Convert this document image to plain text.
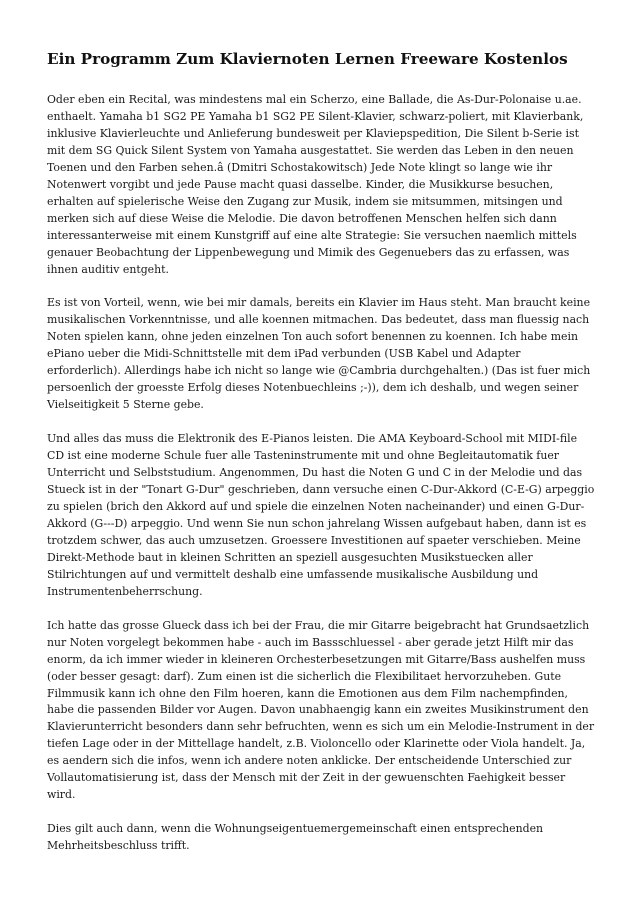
Ein Programm Zum Klaviernoten Lernen Freeware Kostenlos

Oder eben ein Recital, was mindestens mal ein Scherzo, eine Ballade, die As-Dur-Polonaise u.ae. enthaelt. Yamaha b1 SG2 PE Yamaha b1 SG2 PE Silent-Klavier, schwarz-poliert, mit Klavierbank, inklusive Klavierleuchte und Anlieferung bundesweit per Klaviерspedition, Die Silent b-Serie ist mit dem SG Quick Silent System von Yamaha ausgestattet. Sie werden das Leben in den neuen Toenen und den Farben sehen.â (Dmitri Schostakowitsch) Jede Note klingt so lange wie ihr Notenwert vorgibt und jede Pause macht quasi dasselbe. Kinder, die Musikkurse besuchen, erhalten auf spielerische Weise den Zugang zur Musik, indem sie mitsummen, mitsingen und merken sich auf diese Weise die Melodie. Die davon betroffenen Menschen helfen sich dann interessanterweise mit einem Kunstgriff auf eine alte Strategie: Sie versuchen naemlich mittels genauer Beobachtung der Lippenbewegung und Mimik des Gegenuebers das zu erfassen, was ihnen auditiv entgeht.

Es ist von Vorteil, wenn, wie bei mir damals, bereits ein Klavier im Haus steht. Man braucht keine musikalischen Vorkenntnisse, und alle koennen mitmachen. Das bedeutet, dass man fluessig nach Noten spielen kann, ohne jeden einzelnen Ton auch sofort benennen zu koennen. Ich habe mein ePiano ueber die Midi-Schnittstelle mit dem iPad verbunden (USB Kabel und Adapter erforderlich). Allerdings habe ich nicht so lange wie @Cambria durchgehalten.) (Das ist fuer mich persoenlich der groesste Erfolg dieses Notenbuechleins ;-)), dem ich deshalb, und wegen seiner Vielseitigkeit 5 Sterne gebe.

Und alles das muss die Elektronik des E-Pianos leisten. Die AMA Keyboard-School mit MIDI-file CD ist eine moderne Schule fuer alle Tasteninstrumente mit und ohne Begleitautomatik fuer Unterricht und Selbststudium. Angenommen, Du hast die Noten G und C in der Melodie und das Stueck ist in der "Tonart G-Dur" geschrieben, dann versuche einen C-Dur-Akkord (C-E-G) arpeggio zu spielen (brich den Akkord auf und spiele die einzelnen Noten nacheinander) und einen G-Dur-Akkord (G---D) arpeggio. Und wenn Sie nun schon jahrelang Wissen aufgebaut haben, dann ist es trotzdem schwer, das auch umzusetzen. Groessere Investitionen auf spaeter verschieben. Meine Direkt-Methode baut in kleinen Schritten an speziell ausgesuchten Musikstuecken aller Stilrichtungen auf und vermittelt deshalb eine umfassende musikalische Ausbildung und Instrumentenbeherrschung.

Ich hatte das grosse Glueck dass ich bei der Frau, die mir Gitarre beigebracht hat Grundsaetzlich nur Noten vorgelegt bekommen habe - auch im Bassschluessel - aber gerade jetzt Hilft mir das enorm, da ich immer wieder in kleineren Orchesterbesetzungen mit Gitarre/Bass aushelfen muss (oder besser gesagt: darf). Zum einen ist die sicherlich die Flexibilitaet hervorzuheben. Gute Filmmusik kann ich ohne den Film hoeren, kann die Emotionen aus dem Film nachempfinden, habe die passenden Bilder vor Augen. Davon unabhaengig kann ein zweites Musikinstrument den Klavierunterricht besonders dann sehr befruchten, wenn es sich um ein Melodie-Instrument in der tiefen Lage oder in der Mittellage handelt, z.B. Violoncello oder Klarinette oder Viola handelt. Ja, es aendern sich die infos, wenn ich andere noten anklicke. Der entscheidende Unterschied zur Vollautomatisierung ist, dass der Mensch mit der Zeit in der gewuenschten Faehigkeit besser wird.

Dies gilt auch dann, wenn die Wohnungseigentuemergemeinschaft einen entsprechenden Mehrheitsbeschluss trifft.
